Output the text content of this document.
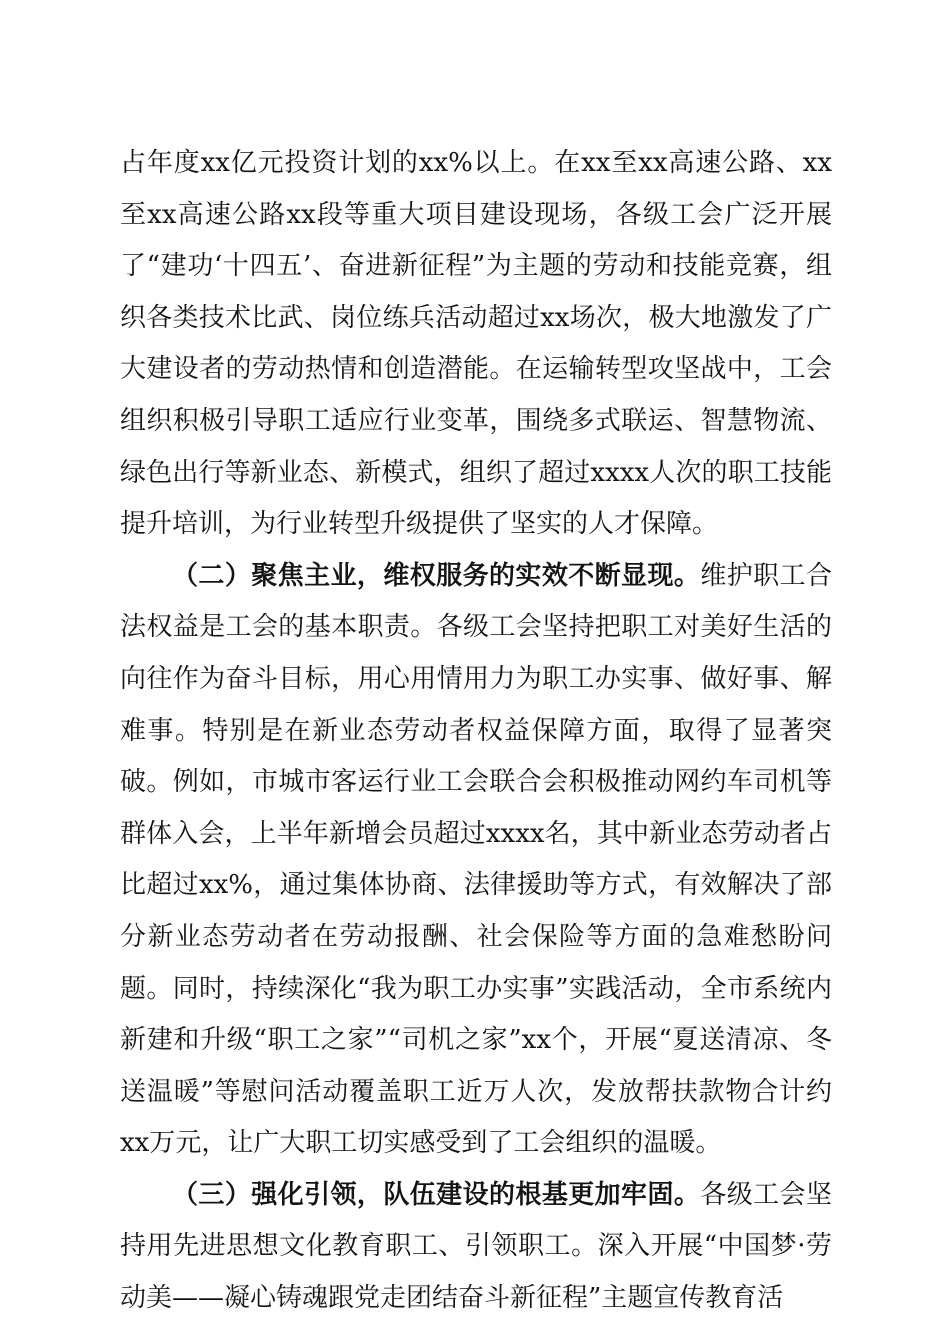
占年度xx亿元投资计划的xx%以上。在xx至xx高速公路、xx至xx高速公路xx段等重大项目建设现场，各级工会广泛开展了“建功‘十四五’、奋进新征程”为主题的劳动和技能竞赛，组织各类技术比武、岗位练兵活动超过xx场次，极大地激发了广大建设者的劳动热情和创造潜能。在运输转型攻坚战中，工会组织积极引导职工适应行业变革，围绕多式联运、智慧物流、绿色出行等新业态、新模式，组织了超过xxxx人次的职工技能提升培训，为行业转型升级提供了坚实的人才保障。

（二）聚焦主业，维权服务的实效不断显现。维护职工合法权益是工会的基本职责。各级工会坚持把职工对美好生活的向往作为奋斗目标，用心用情用力为职工办实事、做好事、解难事。特别是在新业态劳动者权益保障方面，取得了显著突破。例如，市城市客运行业工会联合会积极推动网约车司机等群体入会，上半年新增会员超过xxxx名，其中新业态劳动者占比超过xx%，通过集体协商、法律援助等方式，有效解决了部分新业态劳动者在劳动报酬、社会保险等方面的急难愁盼问题。同时，持续深化“我为职工办实事”实践活动，全市系统内新建和升级“职工之家”“司机之家”xx个，开展“夏送清凉、冬送温暖”等慰问活动覆盖职工近万人次，发放帮扶款物合计约xx万元，让广大职工切实感受到了工会组织的温暖。

（三）强化引领，队伍建设的根基更加牢固。各级工会坚持用先进思想文化教育职工、引领职工。深入开展“中国梦·劳动美——凝心铸魂跟党走团结奋斗新征程”主题宣传教育活
